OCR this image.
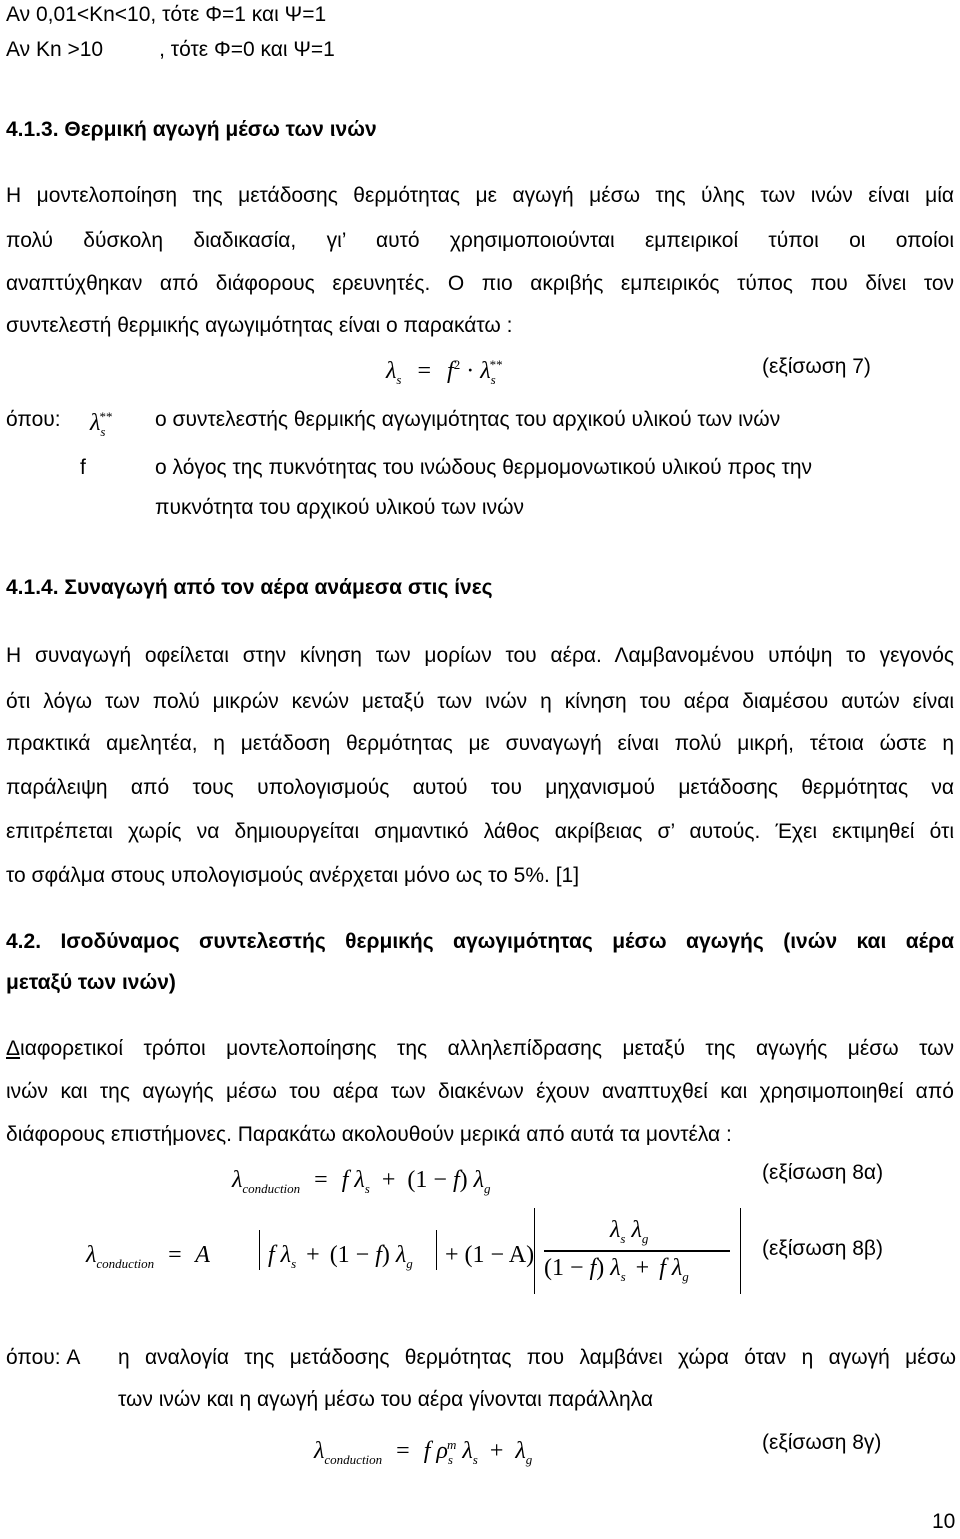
Αν 0,01<Kn<10, τότε Φ=1 και Ψ=1
Αν Kn >10	, τότε Φ=0 και Ψ=1
4.1.3. Θερμική αγωγή μέσω των ινών
Η μοντελοποίηση της μετάδοσης θερμότητας με αγωγή μέσω της ύλης των ινών είναι μία
πολύ δύσκολη διαδικασία, γι’ αυτό χρησιμοποιούνται εμπειρικοί τύποι οι οποίοι
αναπτύχθηκαν από διάφορους ερευνητές. Ο πιο ακριβής εμπειρικός τύπος που δίνει τον
συντελεστή θερμικής αγωγιμότητας είναι ο παρακάτω :
$\lambda_s = f^2 \cdot \lambda_s^{**}$	(εξίσωση 7)
όπου: $\lambda_s^{**}$ ο συντελεστής θερμικής αγωγιμότητας του αρχικού υλικού των ινών
f	ο λόγος της πυκνότητας του ινώδους θερμομονωτικού υλικού προς την
πυκνότητα του αρχικού υλικού των ινών
4.1.4. Συναγωγή από τον αέρα ανάμεσα στις ίνες
Η συναγωγή οφείλεται στην κίνηση των μορίων του αέρα. Λαμβανομένου υπόψη το γεγονός
ότι λόγω των πολύ μικρών κενών μεταξύ των ινών η κίνηση του αέρα διαμέσου αυτών είναι
πρακτικά αμελητέα, η μετάδοση θερμότητας με συναγωγή είναι πολύ μικρή, τέτοια ώστε η
παράλειψη από τους υπολογισμούς αυτού του μηχανισμού μετάδοσης θερμότητας να
επιτρέπεται χωρίς να δημιουργείται σημαντικό λάθος ακρίβειας σ’ αυτούς. Έχει εκτιμηθεί ότι
το σφάλμα στους υπολογισμούς ανέρχεται μόνο ως το 5%. [1]
4.2. Ισοδύναμος συντελεστής θερμικής αγωγιμότητας μέσω αγωγής (ινών και αέρα
μεταξύ των ινών)
Διαφορετικοί τρόποι μοντελοποίησης της αλληλεπίδρασης μεταξύ της αγωγής μέσω των
ινών και της αγωγής μέσω του αέρα των διακένων έχουν αναπτυχθεί και χρησιμοποιηθεί από
διάφορους επιστήμονες. Παρακάτω ακολουθούν μερικά από αυτά τα μοντέλα :
$\lambda_{conduction} = f$ $\lambda_s + (1 - f)$ $\lambda_g$
(εξίσωση 8α)
$\lambda_{conduction} = A$ f $\lambda_s + (1 - f) \lambda_g + (1 - A)$
$\lambda_s$ $\lambda_g$
(1 − f) $\lambda_s + f$ $\lambda_g$
(εξίσωση 8β)
όπου: A η αναλογία της μετάδοσης θερμότητας που λαμβάνει χώρα όταν η αγωγή μέσω
των ινών και η αγωγή μέσω του αέρα γίνονται παράλληλα
$\lambda_{conduction} = f$ $\rho_s^m$ $\lambda_s + \lambda_g$
(εξίσωση 8γ)
10
